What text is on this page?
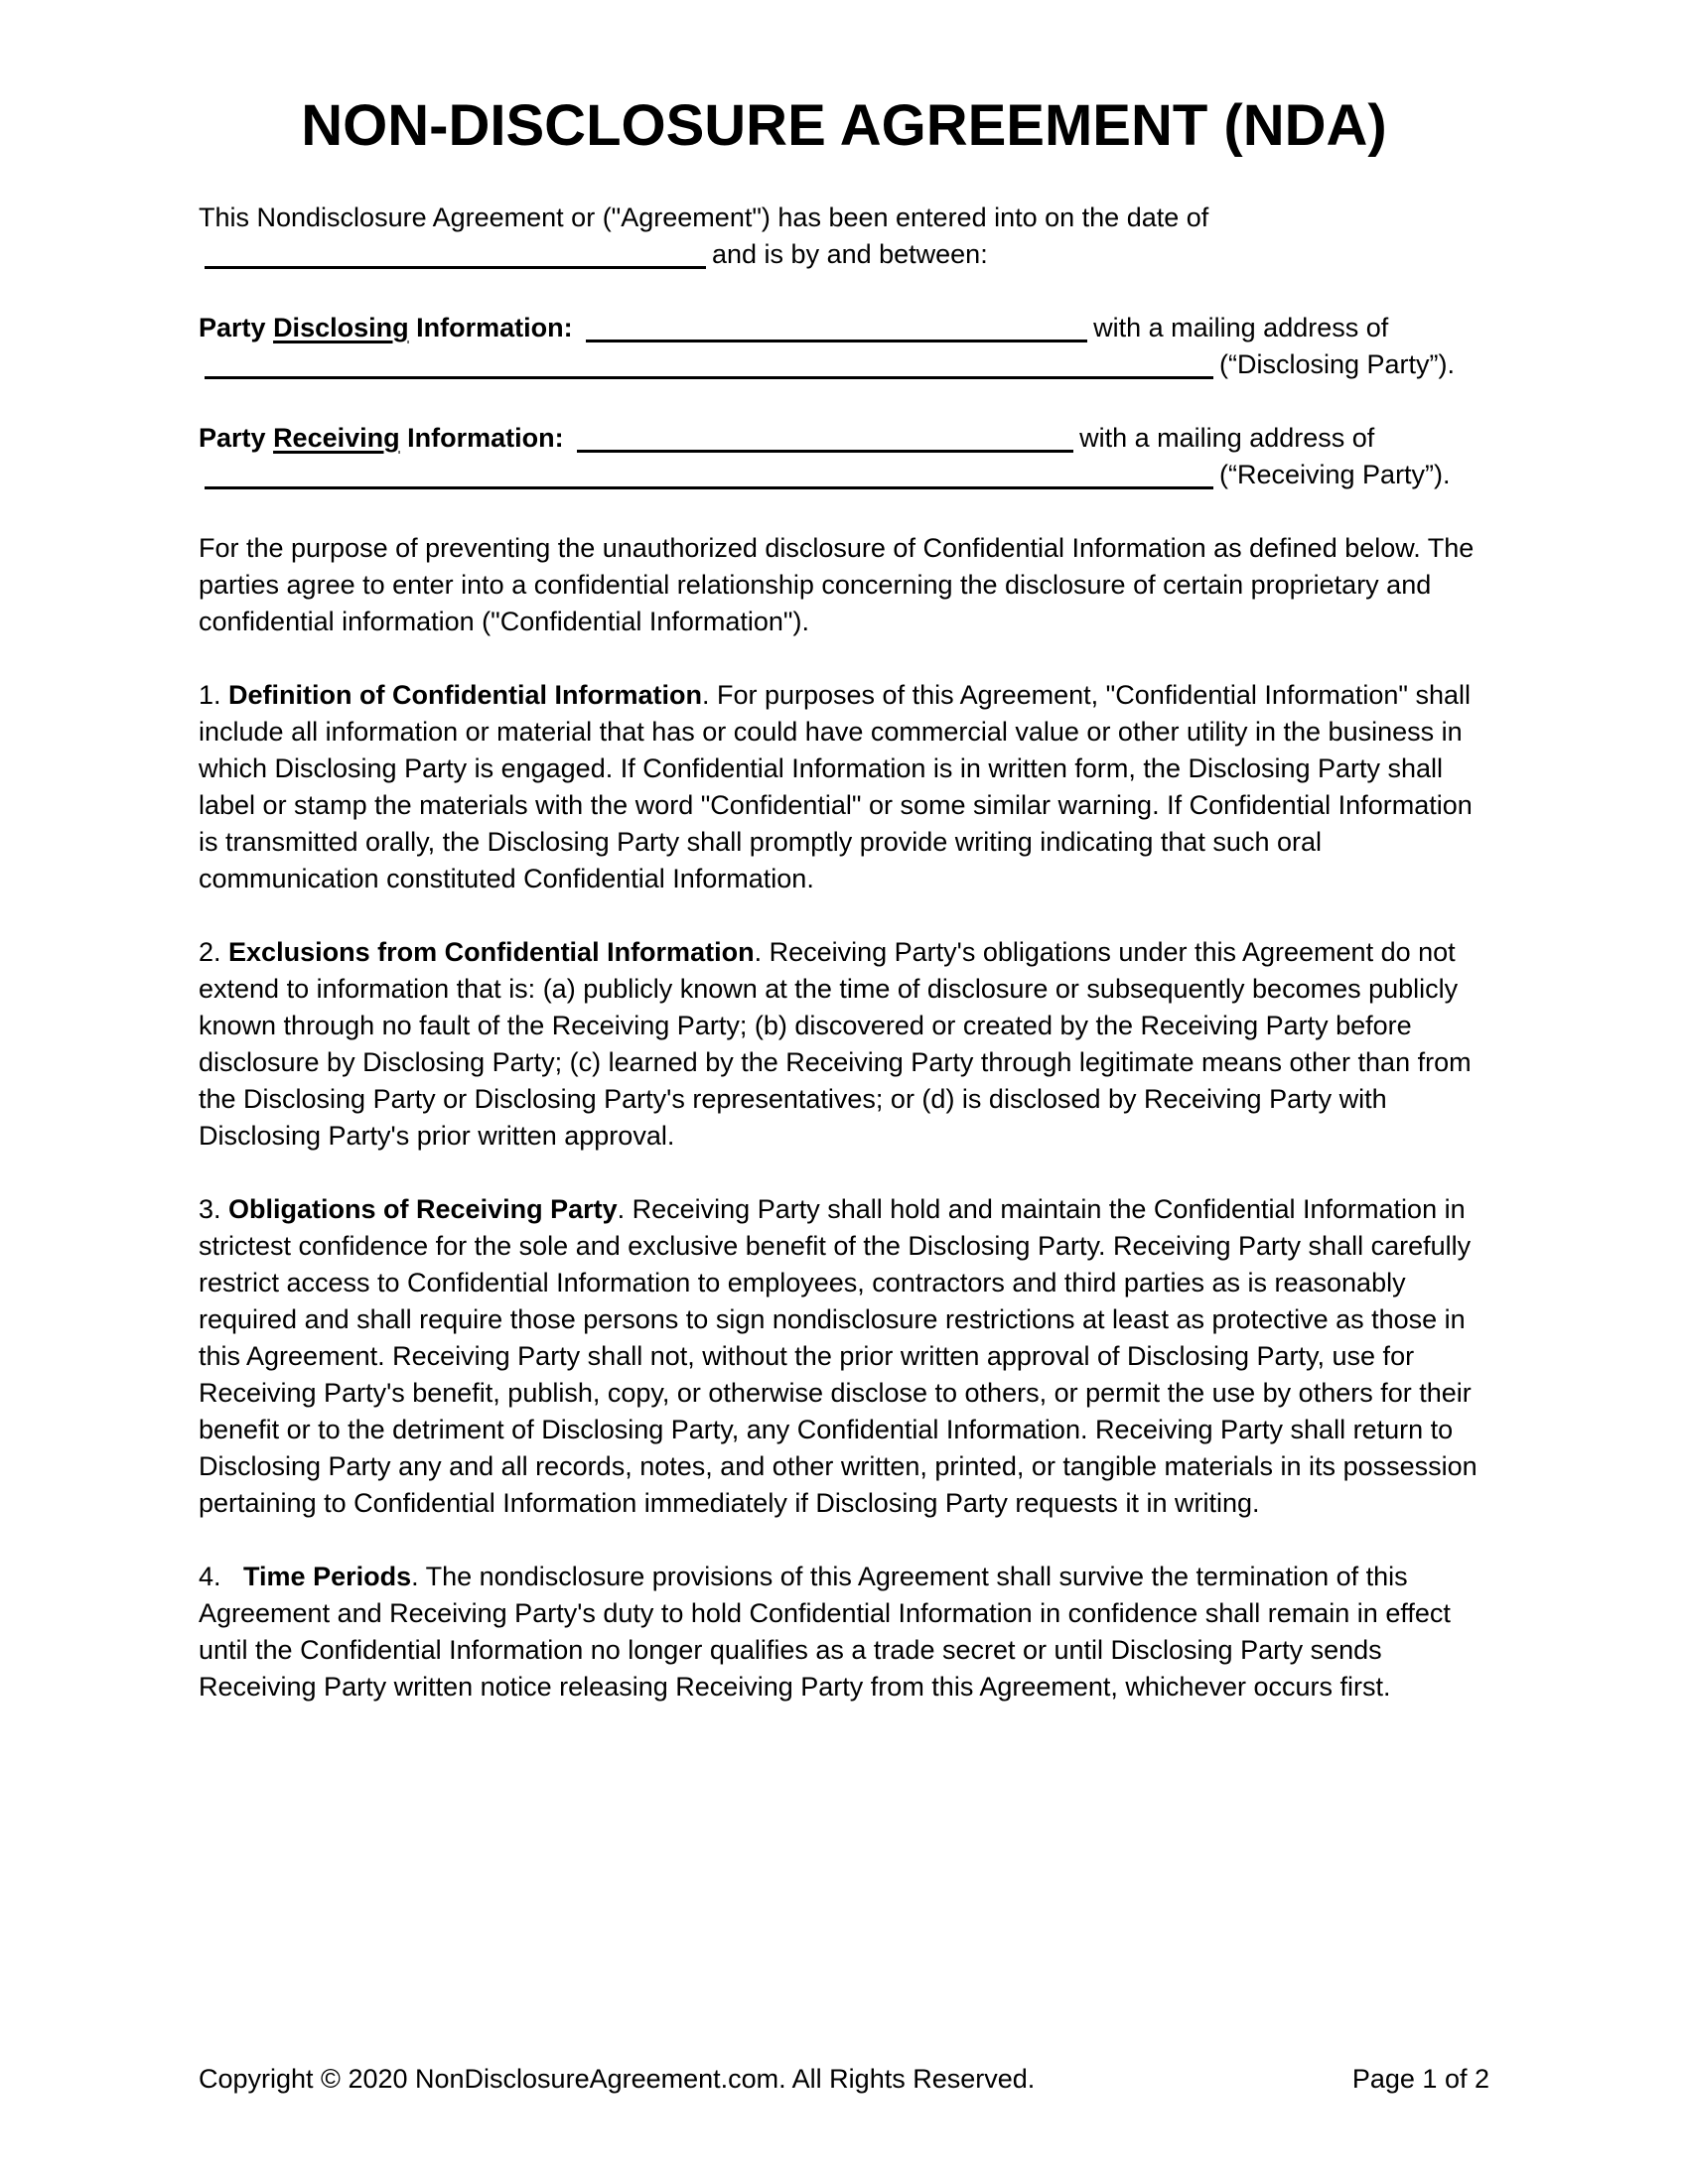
NON-DISCLOSURE AGREEMENT (NDA)

This Nondisclosure Agreement or ("Agreement") has been entered into on the date of and is by and between:

Party Disclosing Information:	with a mailing address of (“Disclosing Party”).

Party Receiving Information:	with a mailing address of (“Receiving Party”).

For the purpose of preventing the unauthorized disclosure of Confidential Information as defined below. The parties agree to enter into a confidential relationship concerning the disclosure of certain proprietary and confidential information ("Confidential Information").

1. Definition of Confidential Information. For purposes of this Agreement, "Confidential Information" shall include all information or material that has or could have commercial value or other utility in the business in which Disclosing Party is engaged. If Confidential Information is in written form, the Disclosing Party shall label or stamp the materials with the word "Confidential" or some similar warning. If Confidential Information is transmitted orally, the Disclosing Party shall promptly provide writing indicating that such oral communication constituted Confidential Information.

2. Exclusions from Confidential Information. Receiving Party's obligations under this Agreement do not extend to information that is: (a) publicly known at the time of disclosure or subsequently becomes publicly known through no fault of the Receiving Party; (b) discovered or created by the Receiving Party before disclosure by Disclosing Party; (c) learned by the Receiving Party through legitimate means other than from the Disclosing Party or Disclosing Party's representatives; or (d) is disclosed by Receiving Party with Disclosing Party's prior written approval.

3. Obligations of Receiving Party. Receiving Party shall hold and maintain the Confidential Information in strictest confidence for the sole and exclusive benefit of the Disclosing Party. Receiving Party shall carefully restrict access to Confidential Information to employees, contractors and third parties as is reasonably required and shall require those persons to sign nondisclosure restrictions at least as protective as those in this Agreement. Receiving Party shall not, without the prior written approval of Disclosing Party, use for Receiving Party's benefit, publish, copy, or otherwise disclose to others, or permit the use by others for their benefit or to the detriment of Disclosing Party, any Confidential Information. Receiving Party shall return to Disclosing Party any and all records, notes, and other written, printed, or tangible materials in its possession pertaining to Confidential Information immediately if Disclosing Party requests it in writing.

4.   Time Periods. The nondisclosure provisions of this Agreement shall survive the termination of this Agreement and Receiving Party's duty to hold Confidential Information in confidence shall remain in effect until the Confidential Information no longer qualifies as a trade secret or until Disclosing Party sends Receiving Party written notice releasing Receiving Party from this Agreement, whichever occurs first.

Copyright © 2020 NonDisclosureAgreement.com. All Rights Reserved.	Page 1 of 2
